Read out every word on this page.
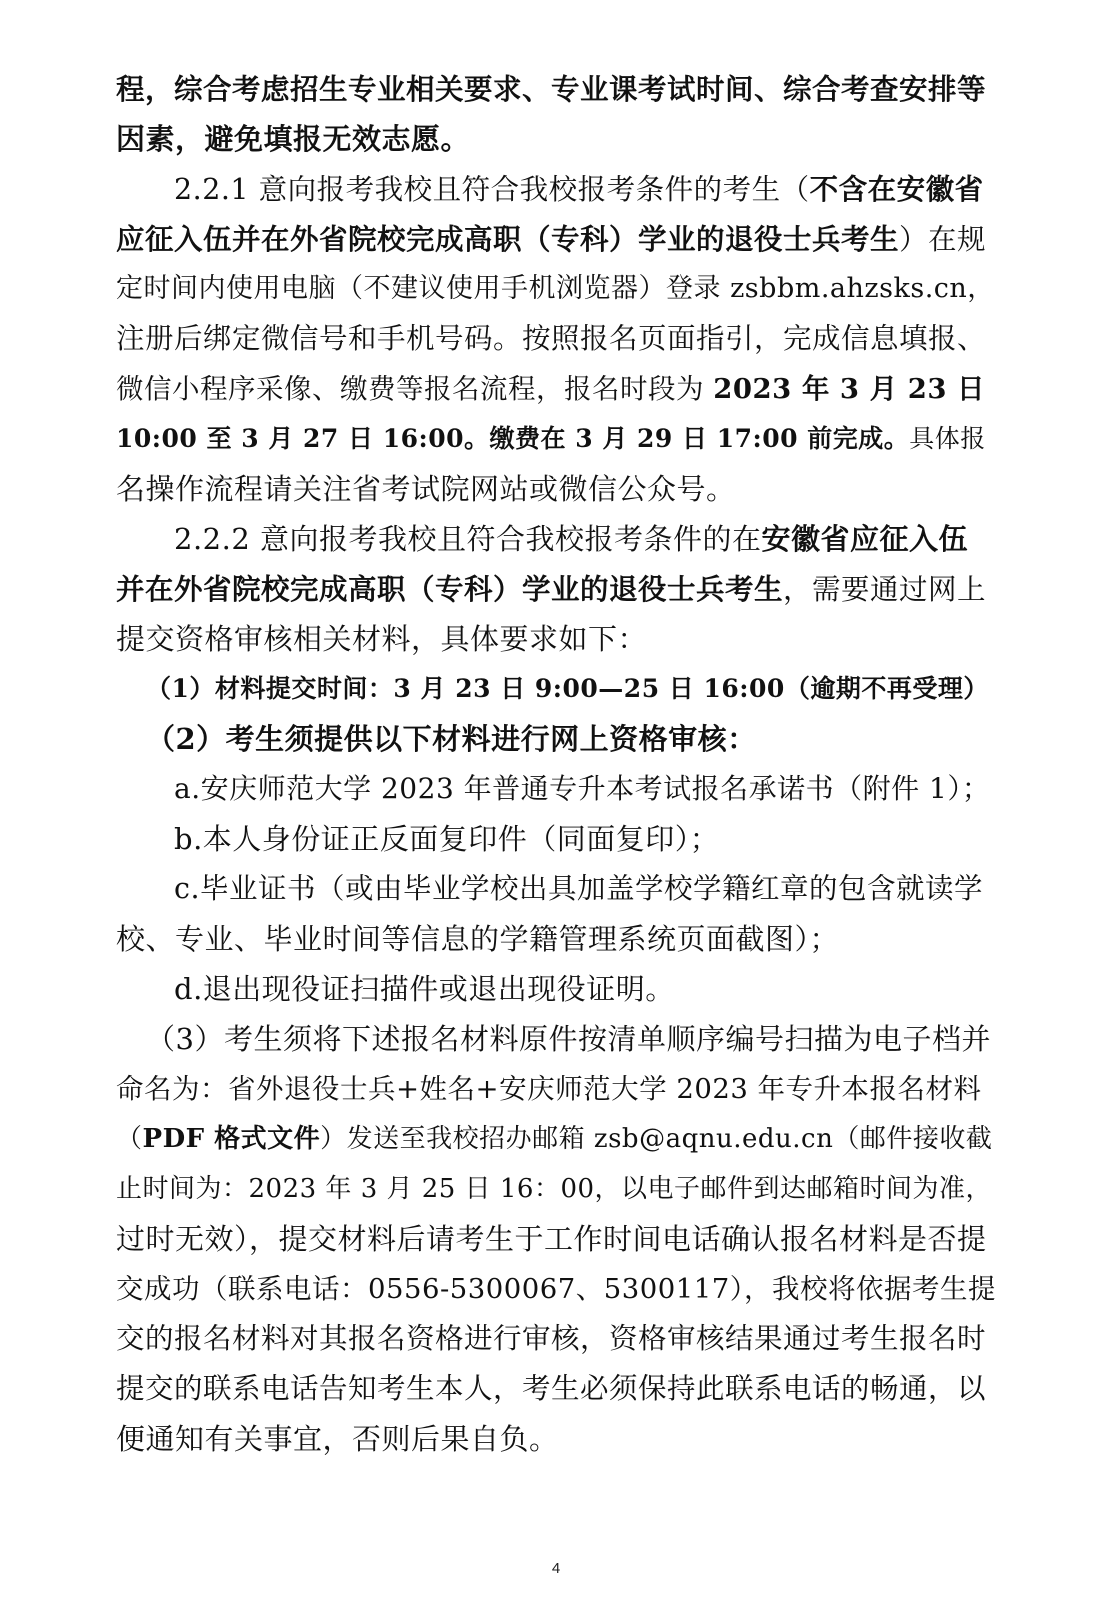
程，综合考虑招生专业相关要求、专业课考试时间、综合考查安排等
因素，避免填报无效志愿。
2.2.1 意向报考我校且符合我校报考条件的考生（不含在安徽省
应征入伍并在外省院校完成高职（专科）学业的退役士兵考生）在规
定时间内使用电脑（不建议使用手机浏览器）登录 zsbbm.ahzsks.cn，
注册后绑定微信号和手机号码。按照报名页面指引，完成信息填报、
微信小程序采像、缴费等报名流程，报名时段为 2023 年 3 月 23 日
10:00 至 3 月 27 日 16:00。缴费在 3 月 29 日 17:00 前完成。具体报
名操作流程请关注省考试院网站或微信公众号。
2.2.2 意向报考我校且符合我校报考条件的在安徽省应征入伍
并在外省院校完成高职（专科）学业的退役士兵考生，需要通过网上
提交资格审核相关材料，具体要求如下：
（1）材料提交时间：3 月 23 日 9:00—25 日 16:00（逾期不再受理）
（2）考生须提供以下材料进行网上资格审核：
a.安庆师范大学 2023 年普通专升本考试报名承诺书（附件 1）；
b.本人身份证正反面复印件（同面复印）；
c.毕业证书（或由毕业学校出具加盖学校学籍红章的包含就读学
校、专业、毕业时间等信息的学籍管理系统页面截图）；
d.退出现役证扫描件或退出现役证明。
（3）考生须将下述报名材料原件按清单顺序编号扫描为电子档并
命名为：省外退役士兵+姓名+安庆师范大学 2023 年专升本报名材料
（PDF 格式文件）发送至我校招办邮箱 zsb@aqnu.edu.cn（邮件接收截
止时间为：2023 年 3 月 25 日 16：00，以电子邮件到达邮箱时间为准，
过时无效），提交材料后请考生于工作时间电话确认报名材料是否提
交成功（联系电话：0556-5300067、5300117），我校将依据考生提
交的报名材料对其报名资格进行审核，资格审核结果通过考生报名时
提交的联系电话告知考生本人，考生必须保持此联系电话的畅通，以
便通知有关事宜，否则后果自负。
4
